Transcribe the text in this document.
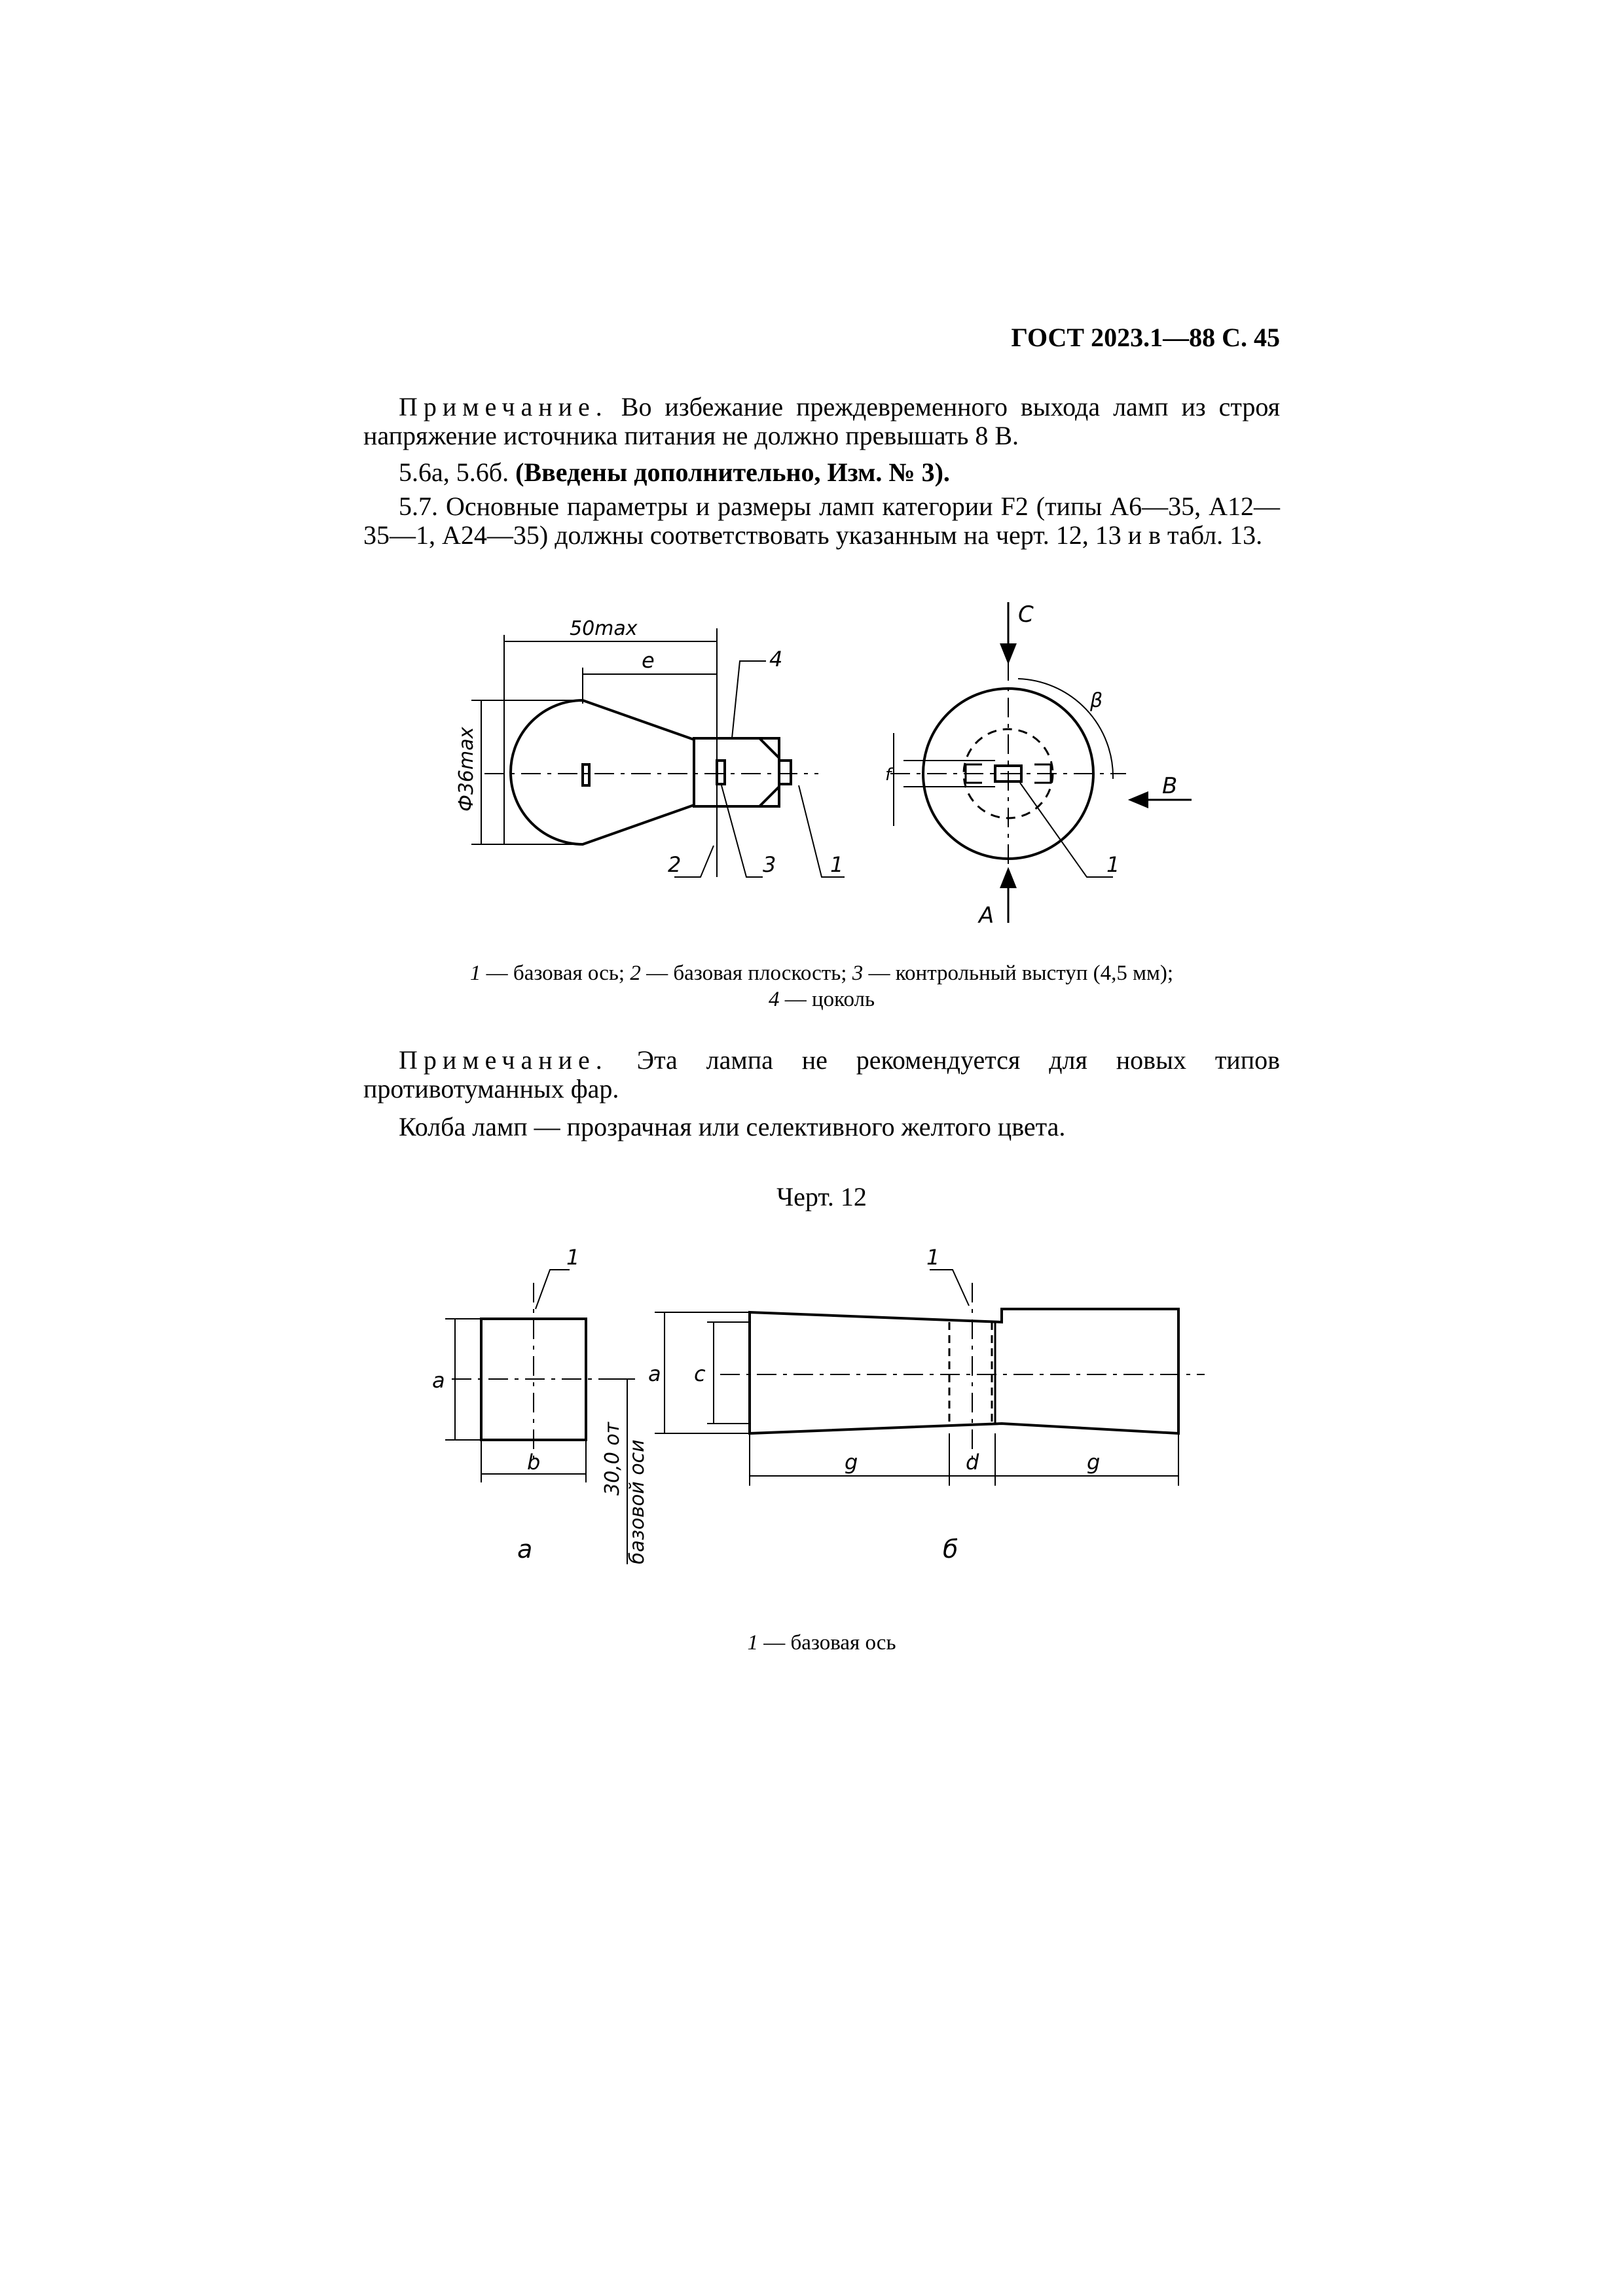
ГОСТ 2023.1—88 С. 45
Примечание. Во избежание преждевременного выхода ламп из строя напряжение источника питания не должно превышать 8 В.
5.6а, 5.6б. (Введены дополнительно, Изм. № 3).
5.7. Основные параметры и размеры ламп категории F2 (типы А6—35, А12—35—1, А24—35) должны соответствовать указанным на черт. 12, 13 и в табл. 13.
50max
e
Ф36max
4
2	3	1
f
1
C
A
B
β
1 — базовая ось; 2 — базовая плоскость; 3 — контрольный выступ (4,5 мм);
4 — цоколь
Примечание. Эта лампа не рекомендуется для новых типов противотуманных фар.
Колба ламп — прозрачная или селективного желтого цвета.
Черт. 12
a
b
1
30,0 от базовой оси
a c
g	d	g
1
a	б
1 — базовая ось
